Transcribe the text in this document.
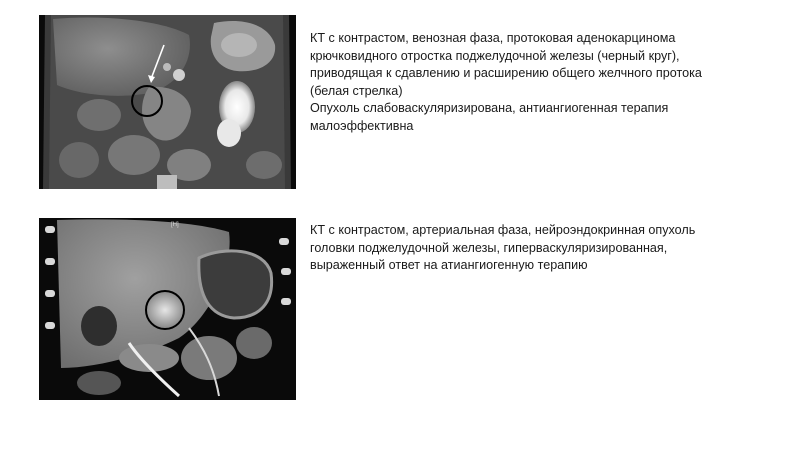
КТ с контрастом, венозная фаза, протоковая аденокарцинома
крючковидного отростка поджелудочной железы (черный круг),
приводящая к сдавлению и расширению общего желчного протока
(белая стрелка)
Опухоль слабоваскуляризирована, антиангиогенная терапия
малоэффективна
[H]	КТ с контрастом, артериальная фаза, нейроэндокринная опухоль
головки поджелудочной железы, гиперваскуляризированная,
выраженный ответ на атиангиогенную терапию
